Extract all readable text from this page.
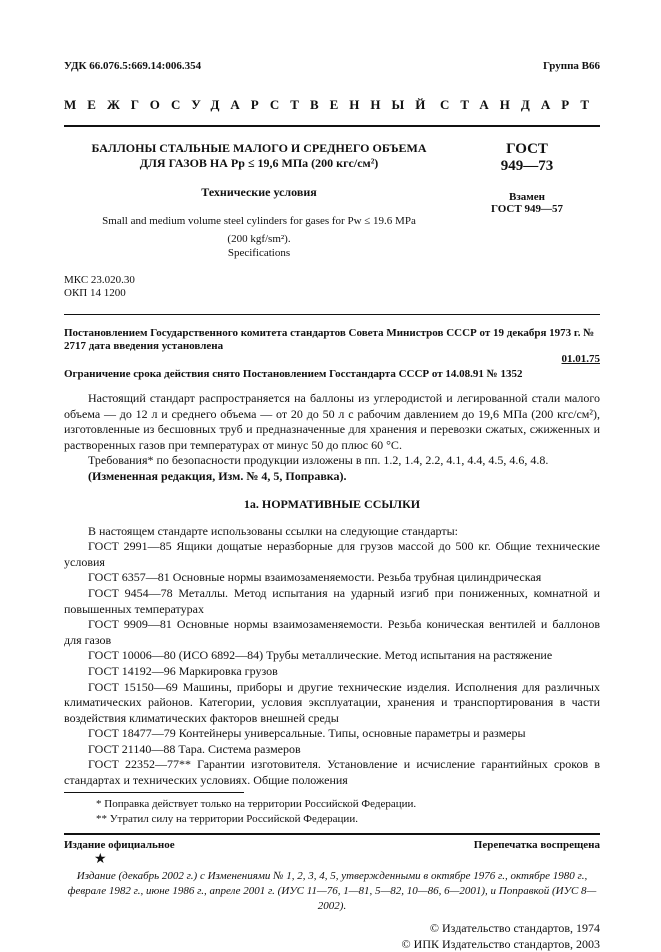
УДК 66.076.5:669.14:006.354	Группа В66
МЕЖГОСУДАРСТВЕННЫЙ СТАНДАРТ
БАЛЛОНЫ СТАЛЬНЫЕ МАЛОГО И СРЕДНЕГО ОБЪЕМА
ДЛЯ ГАЗОВ НА Pр ≤ 19,6 МПа (200 кгс/см²)
Технические условия
Small and medium volume steel cylinders for gases for Pw ≤ 19.6 MPa
(200 kgf/sm²).
Specifications
ГОСТ
949—73
Взамен
ГОСТ 949—57
МКС 23.020.30
ОКП 14 1200
Постановлением Государственного комитета стандартов Совета Министров СССР от 19 декабря 1973 г. № 2717 дата введения установлена
01.01.75
Ограничение срока действия снято Постановлением Госстандарта СССР от 14.08.91 № 1352
Настоящий стандарт распространяется на баллоны из углеродистой и легированной стали малого объема — до 12 л и среднего объема — от 20 до 50 л с рабочим давлением до 19,6 МПа (200 кгс/см²), изготовленные из бесшовных труб и предназначенные для хранения и перевозки сжатых, сжиженных и растворенных газов при температурах от минус 50 до плюс 60 °С.
Требования* по безопасности продукции изложены в пп. 1.2, 1.4, 2.2, 4.1, 4.4, 4.5, 4.6, 4.8.
(Измененная редакция, Изм. № 4, 5, Поправка).
1а. НОРМАТИВНЫЕ ССЫЛКИ
В настоящем стандарте использованы ссылки на следующие стандарты:
ГОСТ 2991—85 Ящики дощатые неразборные для грузов массой до 500 кг. Общие технические условия
ГОСТ 6357—81 Основные нормы взаимозаменяемости. Резьба трубная цилиндрическая
ГОСТ 9454—78 Металлы. Метод испытания на ударный изгиб при пониженных, комнатной и повышенных температурах
ГОСТ 9909—81 Основные нормы взаимозаменяемости. Резьба коническая вентилей и баллонов для газов
ГОСТ 10006—80 (ИСО 6892—84) Трубы металлические. Метод испытания на растяжение
ГОСТ 14192—96 Маркировка грузов
ГОСТ 15150—69 Машины, приборы и другие технические изделия. Исполнения для различных климатических районов. Категории, условия эксплуатации, хранения и транспортирования в части воздействия климатических факторов внешней среды
ГОСТ 18477—79 Контейнеры универсальные. Типы, основные параметры и размеры
ГОСТ 21140—88 Тара. Система размеров
ГОСТ 22352—77** Гарантии изготовителя. Установление и исчисление гарантийных сроков в стандартах и технических условиях. Общие положения
* Поправка действует только на территории Российской Федерации.
** Утратил силу на территории Российской Федерации.
Издание официальное	Перепечатка воспрещена
★
Издание (декабрь 2002 г.) с Изменениями № 1, 2, 3, 4, 5, утвержденными в октябре 1976 г., октябре 1980 г., феврале 1982 г., июне 1986 г., апреле 2001 г. (ИУС 11—76, 1—81, 5—82, 10—86, 6—2001), и Поправкой (ИУС 8—2002).
© Издательство стандартов, 1974
© ИПК Издательство стандартов, 2003
